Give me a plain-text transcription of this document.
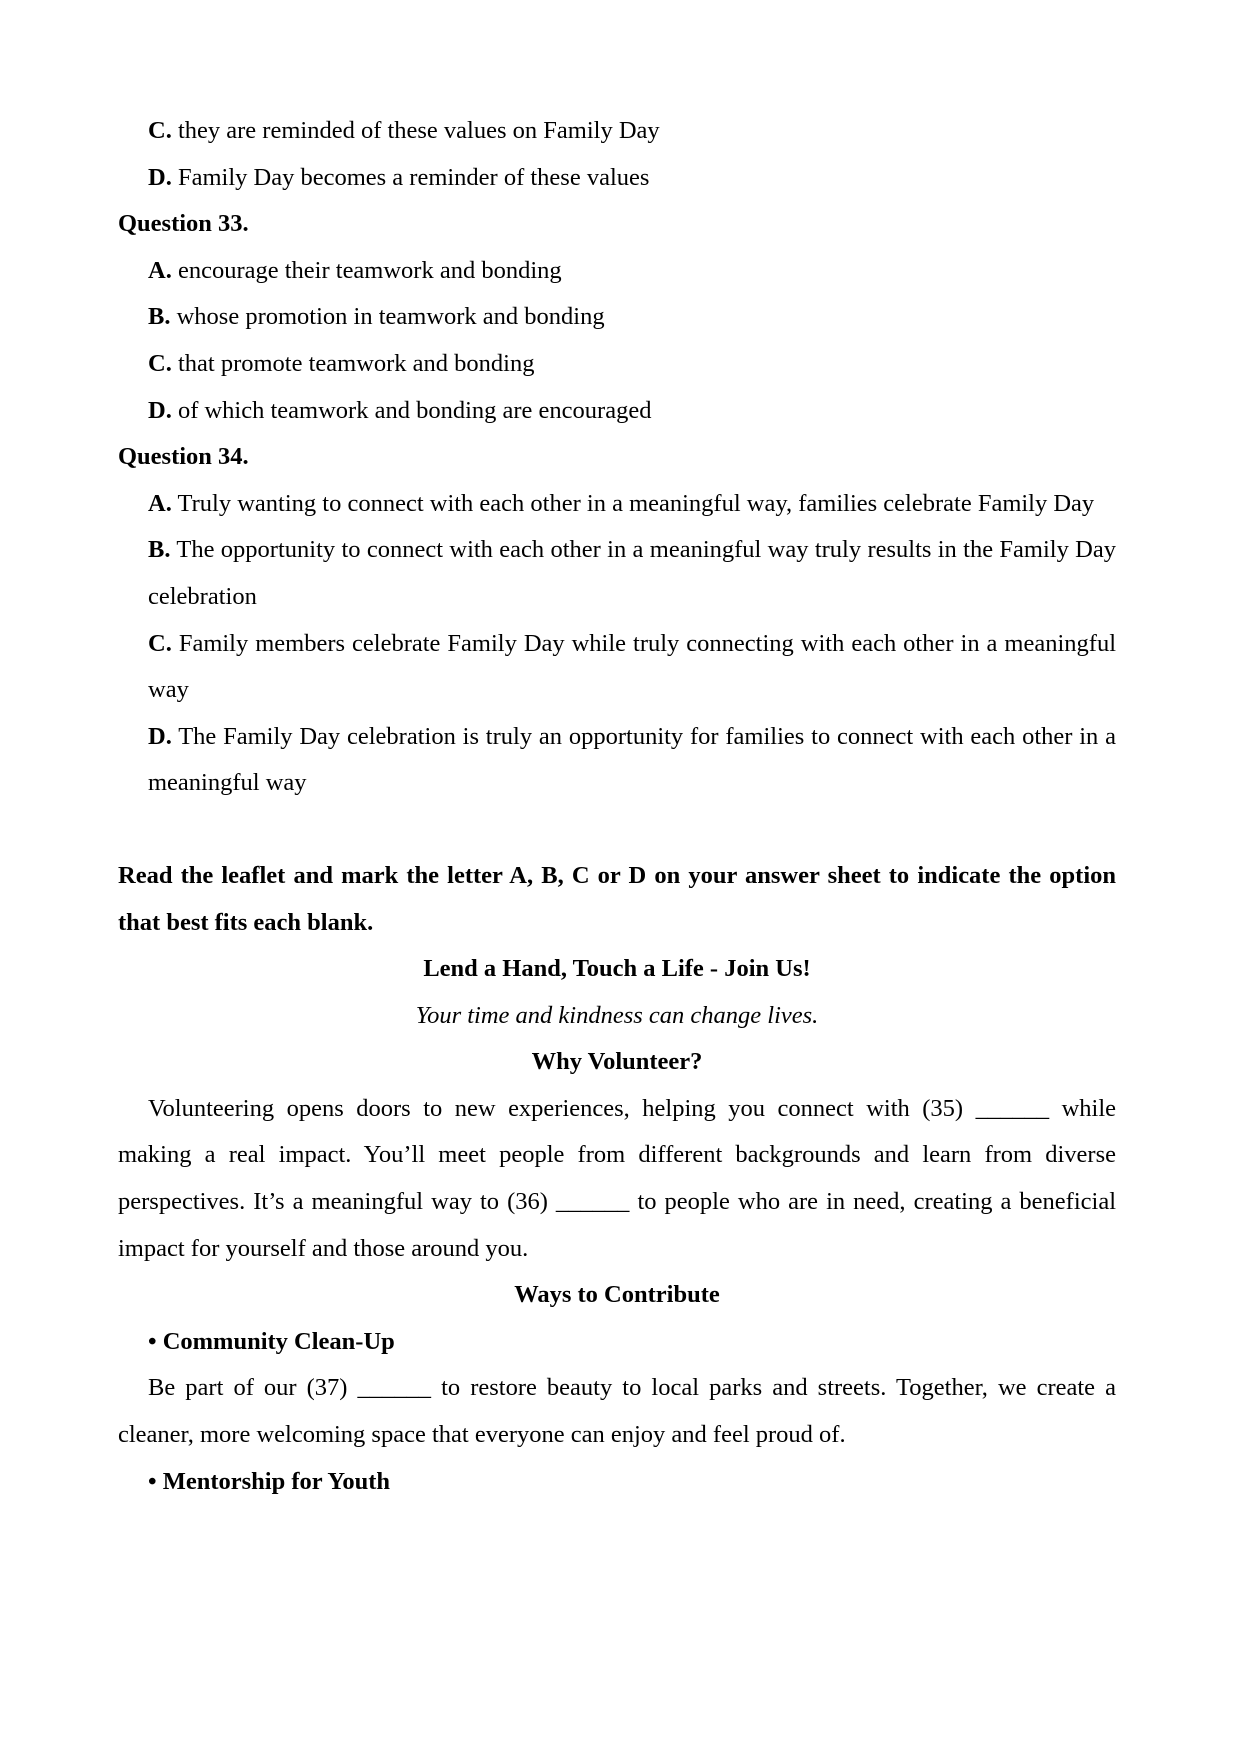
C. they are reminded of these values on Family Day

D. Family Day becomes a reminder of these values

Question 33.

A. encourage their teamwork and bonding

B. whose promotion in teamwork and bonding

C. that promote teamwork and bonding

D. of which teamwork and bonding are encouraged

Question 34.

A. Truly wanting to connect with each other in a meaningful way, families celebrate Family Day

B. The opportunity to connect with each other in a meaningful way truly results in the Family Day celebration

C. Family members celebrate Family Day while truly connecting with each other in a meaningful way

D. The Family Day celebration is truly an opportunity for families to connect with each other in a meaningful way

Read the leaflet and mark the letter A, B, C or D on your answer sheet to indicate the option that best fits each blank.

Lend a Hand, Touch a Life - Join Us!

Your time and kindness can change lives.

Why Volunteer?

Volunteering opens doors to new experiences, helping you connect with (35) ______ while making a real impact. You’ll meet people from different backgrounds and learn from diverse perspectives. It’s a meaningful way to (36) ______ to people who are in need, creating a beneficial impact for yourself and those around you.

Ways to Contribute

• Community Clean-Up

Be part of our (37) ______ to restore beauty to local parks and streets. Together, we create a cleaner, more welcoming space that everyone can enjoy and feel proud of.

• Mentorship for Youth
